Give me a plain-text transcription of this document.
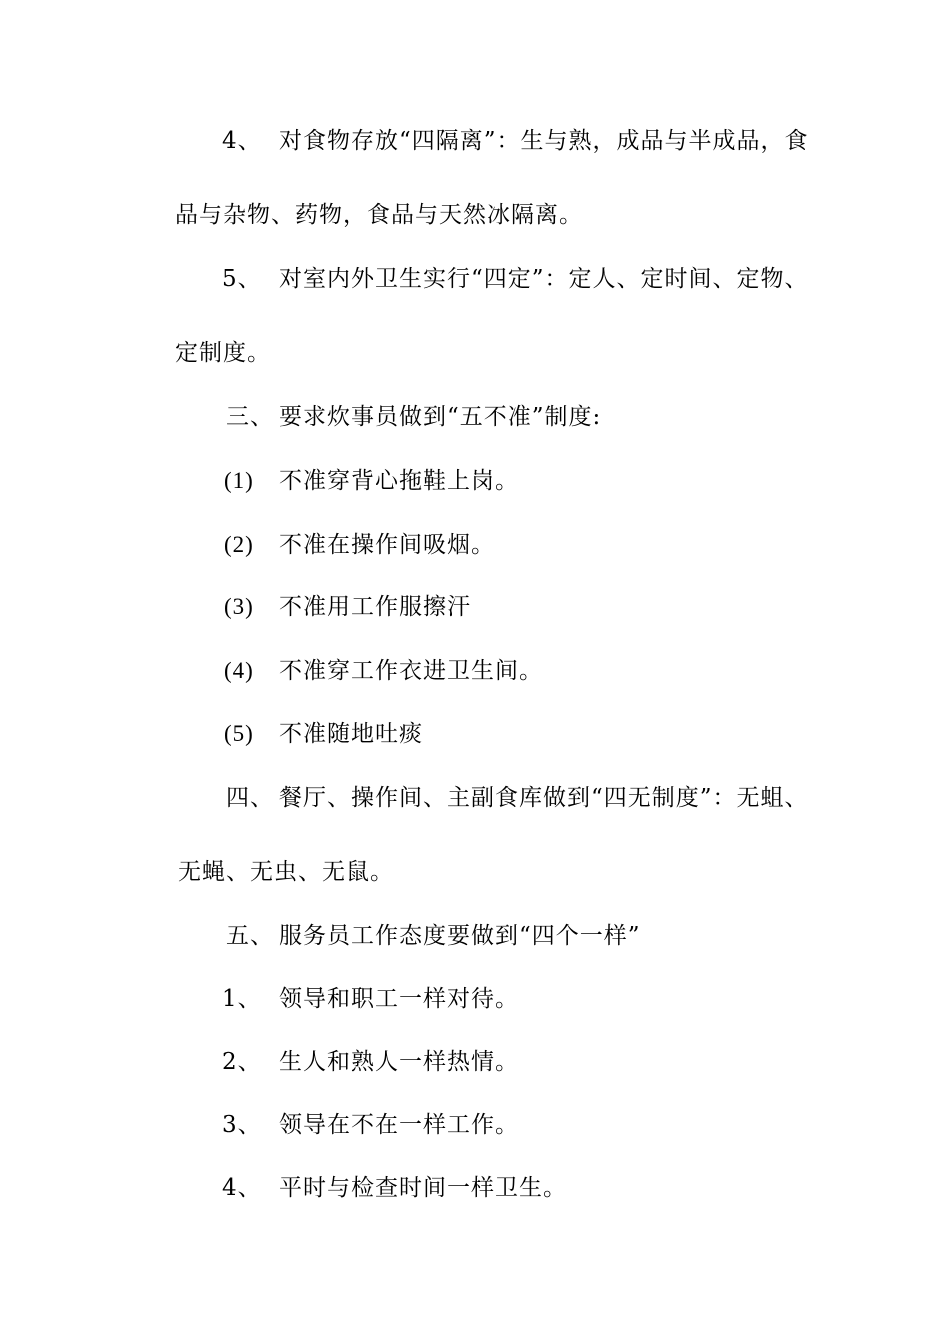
4、 对食物存放“四隔离”：生与熟，成品与半成品，食
品与杂物、药物，食品与天然冰隔离。
5、 对室内外卫生实行“四定”：定人、定时间、定物、
定制度。
三、 要求炊事员做到“五不准”制度:
(1) 不准穿背心拖鞋上岗。
(2) 不准在操作间吸烟。
(3) 不准用工作服擦汗
(4) 不准穿工作衣进卫生间。
(5) 不准随地吐痰
四、 餐厅、操作间、主副食库做到“四无制度”：无蛆、
无蝇、无虫、无鼠。
五、 服务员工作态度要做到“四个一样”
1、 领导和职工一样对待。
2、 生人和熟人一样热情。
3、 领导在不在一样工作。
4、 平时与检查时间一样卫生。
